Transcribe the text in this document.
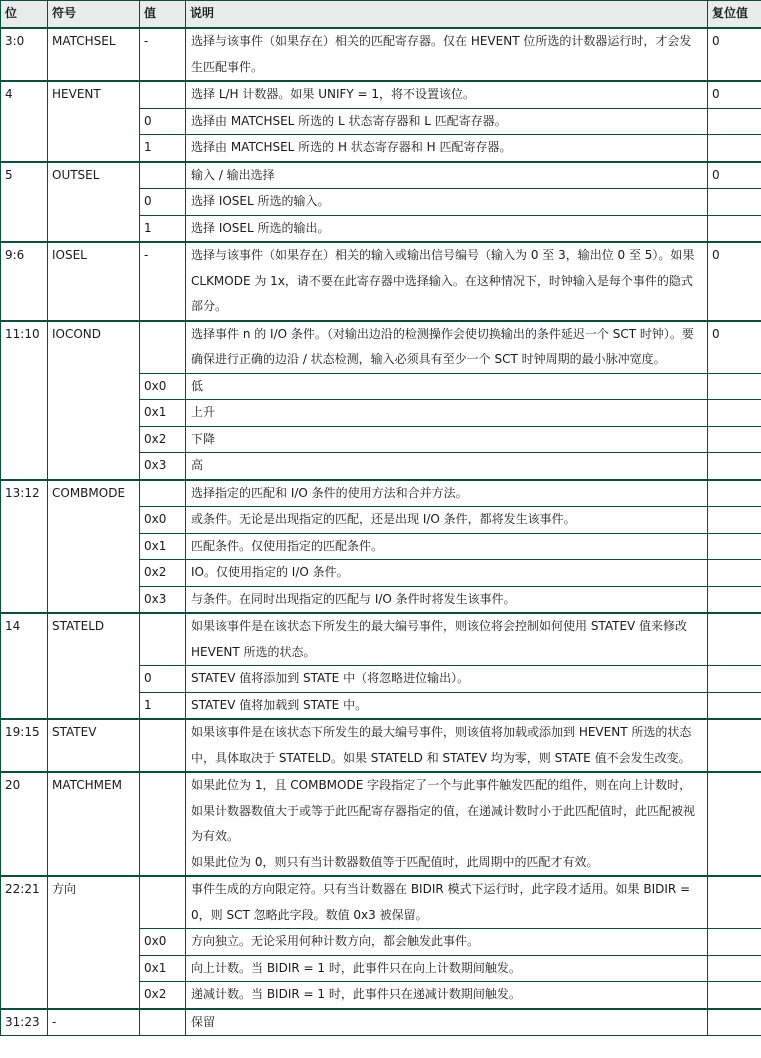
位	符号	值	说明	复位值
3:0	MATCHSEL	-	选择与该事件（如果存在）相关的匹配寄存器。仅在 HEVENT 位所选的计数器运行时，才会发生匹配事件。	0
4	HEVENT		选择 L/H 计数器。如果 UNIFY = 1，将不设置该位。	0
		0	选择由 MATCHSEL 所选的 L 状态寄存器和 L 匹配寄存器。	
		1	选择由 MATCHSEL 所选的 H 状态寄存器和 H 匹配寄存器。	
5	OUTSEL		输入 / 输出选择	0
		0	选择 IOSEL 所选的输入。	
		1	选择 IOSEL 所选的输出。	
9:6	IOSEL	-	选择与该事件（如果存在）相关的输入或输出信号编号（输入为 0 至 3，输出位 0 至 5）。如果 CLKMODE 为 1x，请不要在此寄存器中选择输入。在这种情况下，时钟输入是每个事件的隐式部分。	0
11:10	IOCOND		选择事件 n 的 I/O 条件。（对输出边沿的检测操作会使切换输出的条件延迟一个 SCT 时钟）。要确保进行正确的边沿 / 状态检测，输入必须具有至少一个 SCT 时钟周期的最小脉冲宽度。	0
		0x0	低	
		0x1	上升	
		0x2	下降	
		0x3	高	
13:12	COMBMODE		选择指定的匹配和 I/O 条件的使用方法和合并方法。	
		0x0	或条件。无论是出现指定的匹配，还是出现 I/O 条件，都将发生该事件。	
		0x1	匹配条件。仅使用指定的匹配条件。	
		0x2	IO。仅使用指定的 I/O 条件。	
		0x3	与条件。在同时出现指定的匹配与 I/O 条件时将发生该事件。	
14	STATELD		如果该事件是在该状态下所发生的最大编号事件，则该位将会控制如何使用 STATEV 值来修改 HEVENT 所选的状态。	
		0	STATEV 值将添加到 STATE 中（将忽略进位输出）。	
		1	STATEV 值将加载到 STATE 中。	
19:15	STATEV		如果该事件是在该状态下所发生的最大编号事件，则该值将加载或添加到 HEVENT 所选的状态中，具体取决于 STATELD。如果 STATELD 和 STATEV 均为零，则 STATE 值不会发生改变。	
20	MATCHMEM		如果此位为 1，且 COMBMODE 字段指定了一个与此事件触发匹配的组件，则在向上计数时，如果计数器数值大于或等于此匹配寄存器指定的值，在递减计数时小于此匹配值时，此匹配被视为有效。

如果此位为 0，则只有当计数器数值等于匹配值时，此周期中的匹配才有效。	

22:21	方向		事件生成的方向限定符。只有当计数器在 BIDIR 模式下运行时，此字段才适用。如果 BIDIR = 0，则 SCT 忽略此字段。数值 0x3 被保留。	
		0x0	方向独立。无论采用何种计数方向，都会触发此事件。	
		0x1	向上计数。当 BIDIR = 1 时，此事件只在向上计数期间触发。	
		0x2	递减计数。当 BIDIR = 1 时，此事件只在递减计数期间触发。	
31:23	-		保留	
